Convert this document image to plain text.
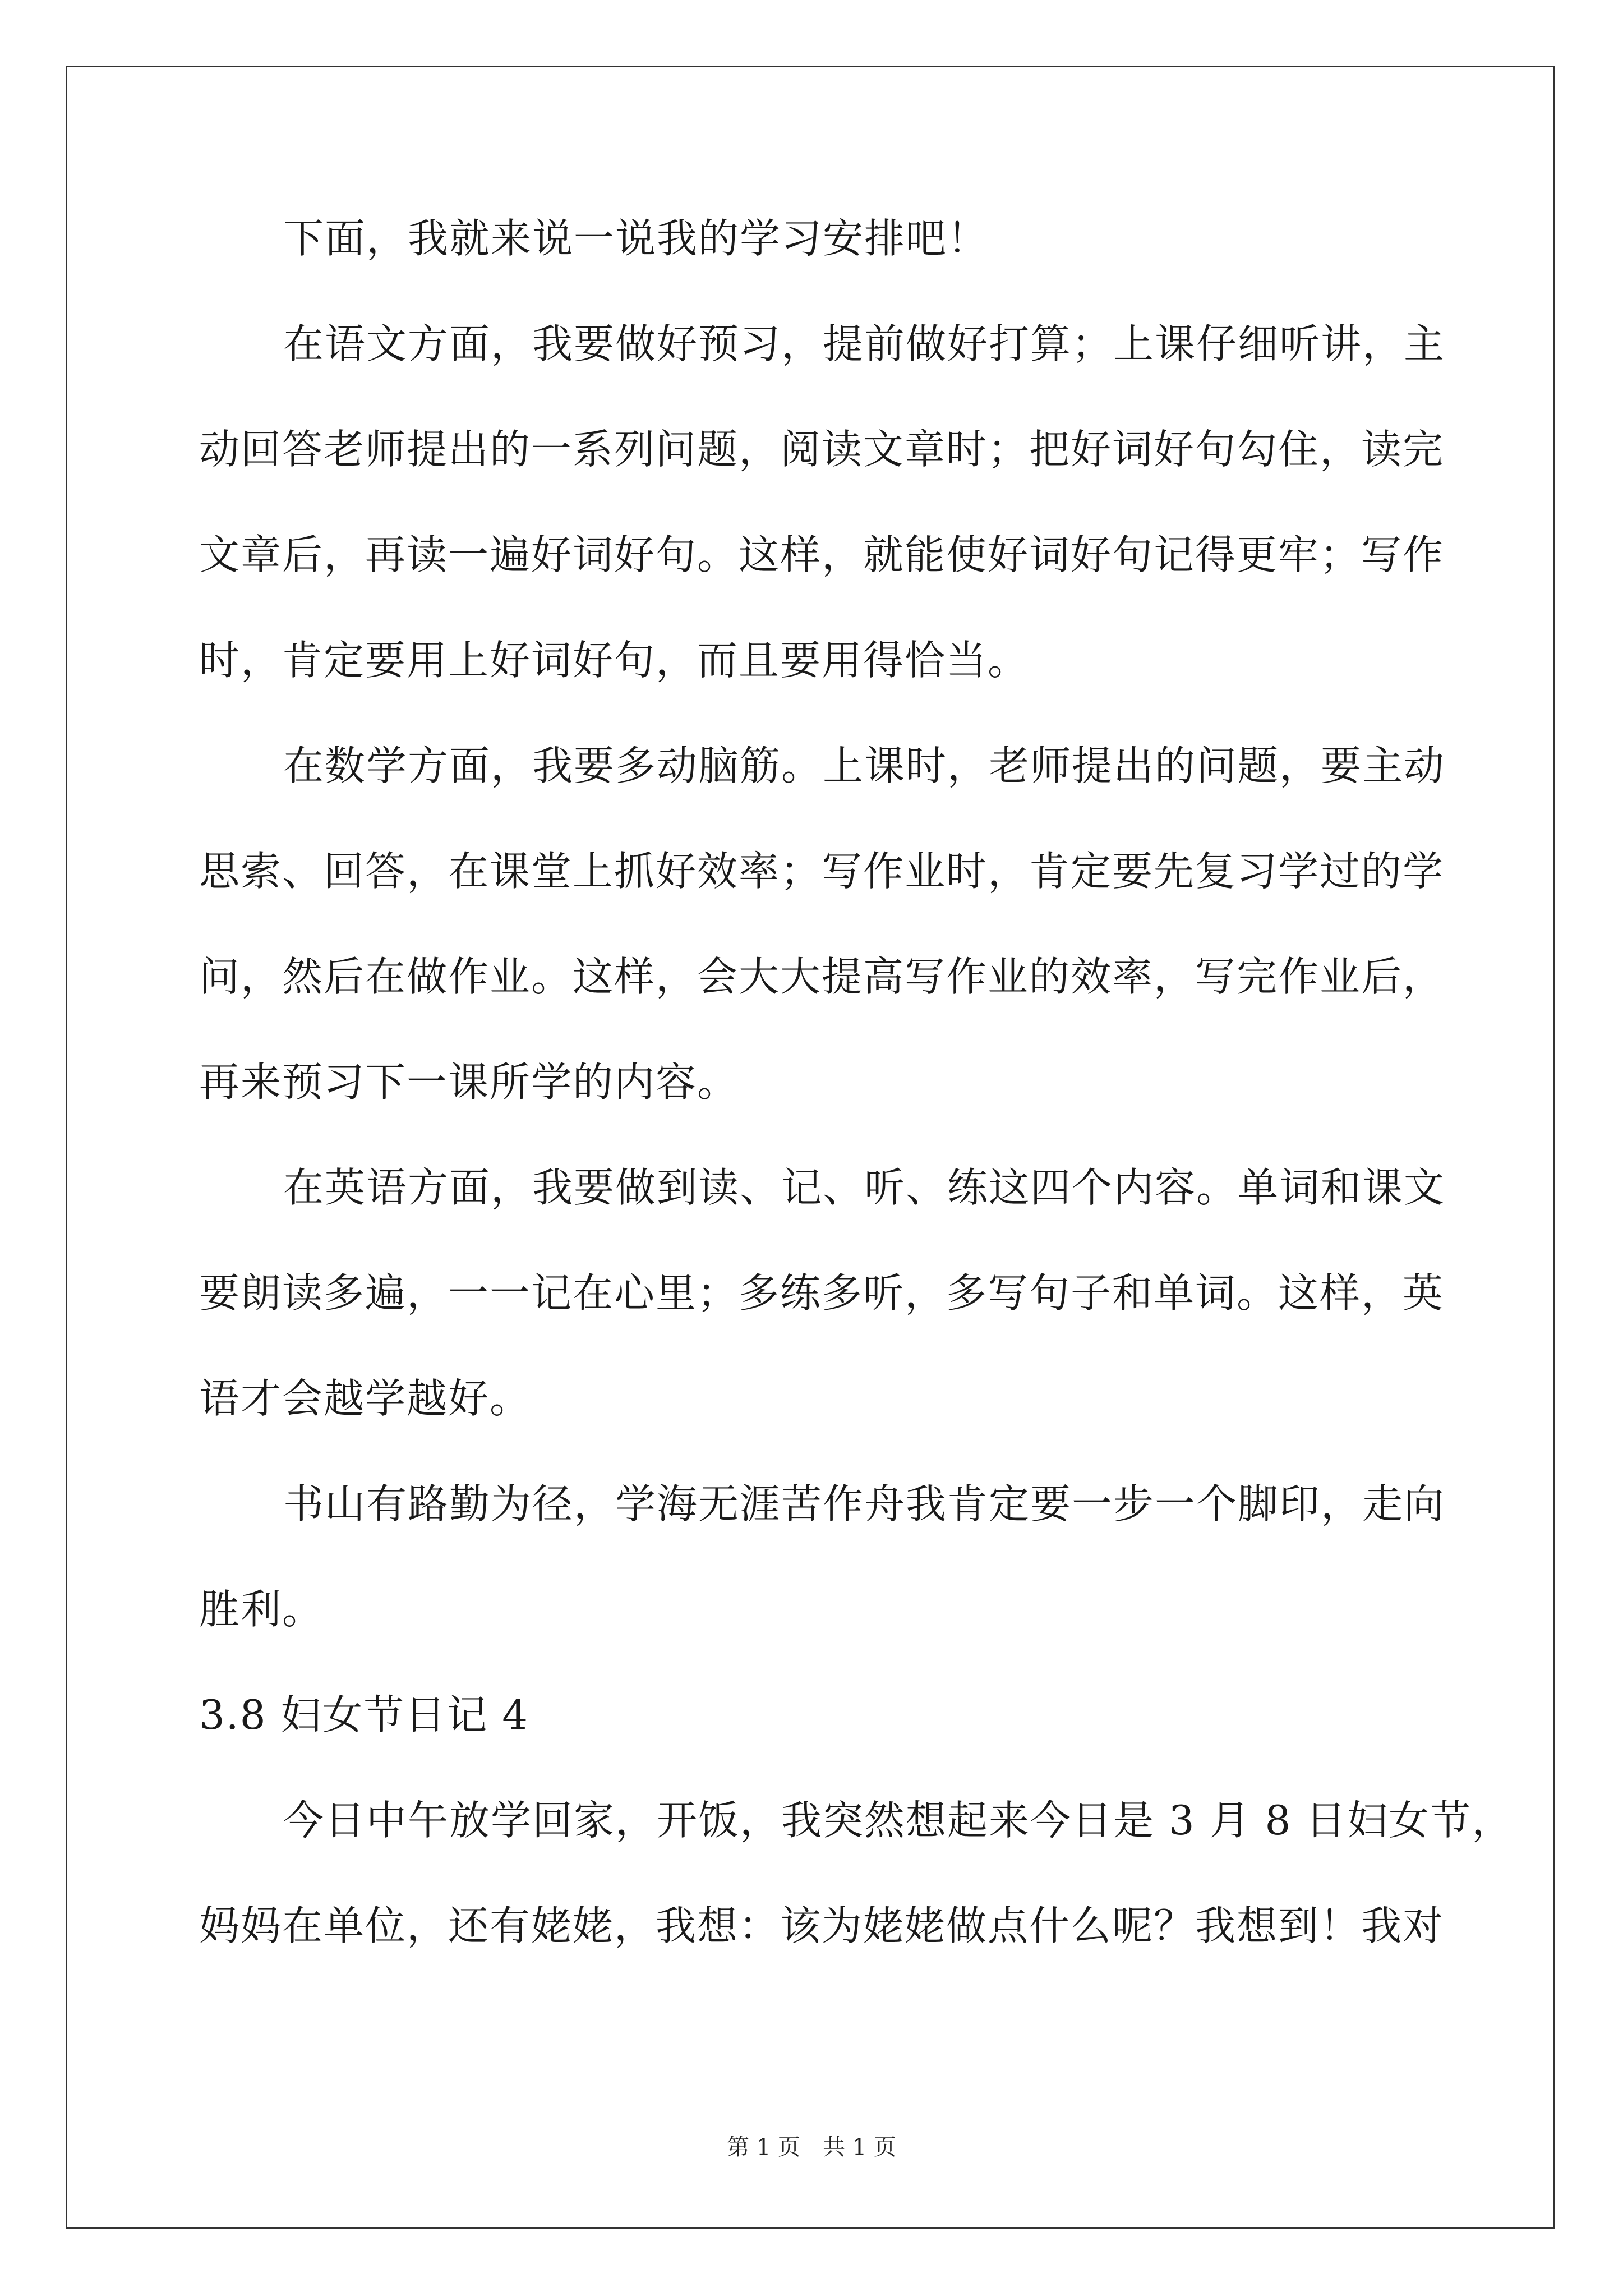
下面，我就来说一说我的学习安排吧！
在语文方面，我要做好预习，提前做好打算；上课仔细听讲，主
动回答老师提出的一系列问题，阅读文章时；把好词好句勾住，读完
文章后，再读一遍好词好句。这样，就能使好词好句记得更牢；写作
时，肯定要用上好词好句，而且要用得恰当。
在数学方面，我要多动脑筋。上课时，老师提出的问题，要主动
思索、回答，在课堂上抓好效率；写作业时，肯定要先复习学过的学
问，然后在做作业。这样，会大大提高写作业的效率，写完作业后，
再来预习下一课所学的内容。
在英语方面，我要做到读、记、听、练这四个内容。单词和课文
要朗读多遍，一一记在心里；多练多听，多写句子和单词。这样，英
语才会越学越好。
书山有路勤为径，学海无涯苦作舟我肯定要一步一个脚印，走向
胜利。
3.8 妇女节日记 4
今日中午放学回家，开饭，我突然想起来今日是 3 月 8 日妇女节，
妈妈在单位，还有姥姥，我想：该为姥姥做点什么呢？我想到！我对
第 1 页　共 1 页
